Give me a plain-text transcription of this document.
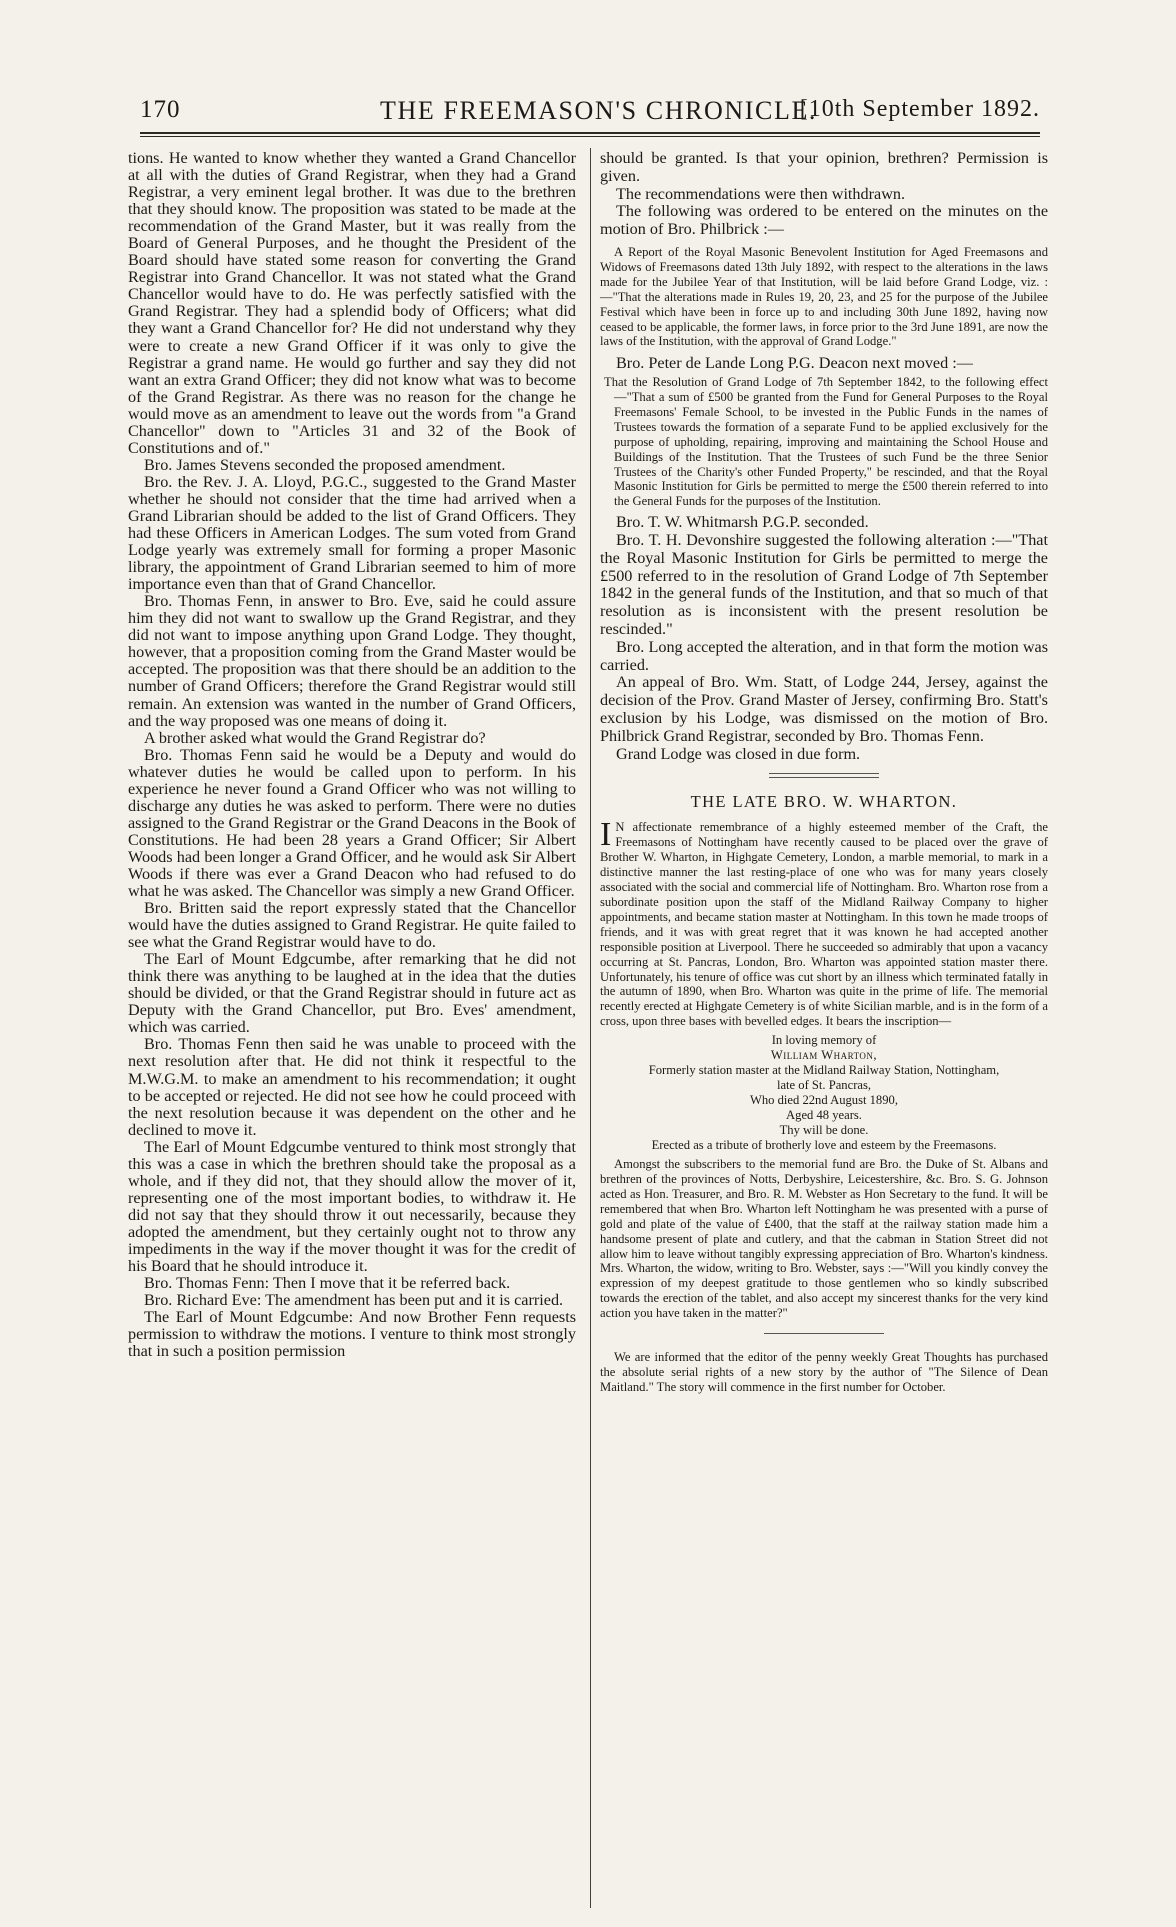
170	THE FREEMASON'S CHRONICLE.
[10th September 1892.

tions. He wanted to know whether they wanted a Grand Chancellor at all with the duties of Grand Registrar, when they had a Grand Registrar, a very eminent legal brother. It was due to the brethren that they should know. The proposition was stated to be made at the recommendation of the Grand Master, but it was really from the Board of General Purposes, and he thought the President of the Board should have stated some reason for converting the Grand Registrar into Grand Chancellor. It was not stated what the Grand Chancellor would have to do. He was perfectly satisfied with the Grand Registrar. They had a splendid body of Officers; what did they want a Grand Chancellor for? He did not understand why they were to create a new Grand Officer if it was only to give the Registrar a grand name. He would go further and say they did not want an extra Grand Officer; they did not know what was to become of the Grand Registrar. As there was no reason for the change he would move as an amendment to leave out the words from "a Grand Chancellor" down to "Articles 31 and 32 of the Book of Constitutions and of."

Bro. James Stevens seconded the proposed amendment.

Bro. the Rev. J. A. Lloyd, P.G.C., suggested to the Grand Master whether he should not consider that the time had arrived when a Grand Librarian should be added to the list of Grand Officers. They had these Officers in American Lodges. The sum voted from Grand Lodge yearly was extremely small for forming a proper Masonic library, the appointment of Grand Librarian seemed to him of more importance even than that of Grand Chancellor.

Bro. Thomas Fenn, in answer to Bro. Eve, said he could assure him they did not want to swallow up the Grand Registrar, and they did not want to impose anything upon Grand Lodge. They thought, however, that a proposition coming from the Grand Master would be accepted. The proposition was that there should be an addition to the number of Grand Officers; therefore the Grand Registrar would still remain. An extension was wanted in the number of Grand Officers, and the way proposed was one means of doing it.

A brother asked what would the Grand Registrar do?

Bro. Thomas Fenn said he would be a Deputy and would do whatever duties he would be called upon to perform. In his experience he never found a Grand Officer who was not willing to discharge any duties he was asked to perform. There were no duties assigned to the Grand Registrar or the Grand Deacons in the Book of Constitutions. He had been 28 years a Grand Officer; Sir Albert Woods had been longer a Grand Officer, and he would ask Sir Albert Woods if there was ever a Grand Deacon who had refused to do what he was asked. The Chancellor was simply a new Grand Officer.

Bro. Britten said the report expressly stated that the Chancellor would have the duties assigned to Grand Registrar. He quite failed to see what the Grand Registrar would have to do.

The Earl of Mount Edgcumbe, after remarking that he did not think there was anything to be laughed at in the idea that the duties should be divided, or that the Grand Registrar should in future act as Deputy with the Grand Chancellor, put Bro. Eves' amendment, which was carried.

Bro. Thomas Fenn then said he was unable to proceed with the next resolution after that. He did not think it respectful to the M.W.G.M. to make an amendment to his recommendation; it ought to be accepted or rejected. He did not see how he could proceed with the next resolution because it was dependent on the other and he declined to move it.

The Earl of Mount Edgcumbe ventured to think most strongly that this was a case in which the brethren should take the proposal as a whole, and if they did not, that they should allow the mover of it, representing one of the most important bodies, to withdraw it. He did not say that they should throw it out necessarily, because they adopted the amendment, but they certainly ought not to throw any impediments in the way if the mover thought it was for the credit of his Board that he should introduce it.

Bro. Thomas Fenn: Then I move that it be referred back.

Bro. Richard Eve: The amendment has been put and it is carried.

The Earl of Mount Edgcumbe: And now Brother Fenn requests permission to withdraw the motions. I venture to think most strongly that in such a position permission

should be granted. Is that your opinion, brethren? Permission is given.

The recommendations were then withdrawn.

The following was ordered to be entered on the minutes on the motion of Bro. Philbrick :—

A Report of the Royal Masonic Benevolent Institution for Aged Freemasons and Widows of Freemasons dated 13th July 1892, with respect to the alterations in the laws made for the Jubilee Year of that Institution, will be laid before Grand Lodge, viz. :—"That the alterations made in Rules 19, 20, 23, and 25 for the purpose of the Jubilee Festival which have been in force up to and including 30th June 1892, having now ceased to be applicable, the former laws, in force prior to the 3rd June 1891, are now the laws of the Institution, with the approval of Grand Lodge."

Bro. Peter de Lande Long P.G. Deacon next moved :—

That the Resolution of Grand Lodge of 7th September 1842, to the following effect—"That a sum of £500 be granted from the Fund for General Purposes to the Royal Freemasons' Female School, to be invested in the Public Funds in the names of Trustees towards the formation of a separate Fund to be applied exclusively for the purpose of upholding, repairing, improving and maintaining the School House and Buildings of the Institution. That the Trustees of such Fund be the three Senior Trustees of the Charity's other Funded Property," be rescinded, and that the Royal Masonic Institution for Girls be permitted to merge the £500 therein referred to into the General Funds for the purposes of the Institution.

Bro. T. W. Whitmarsh P.G.P. seconded.

Bro. T. H. Devonshire suggested the following alteration :—"That the Royal Masonic Institution for Girls be permitted to merge the £500 referred to in the resolution of Grand Lodge of 7th September 1842 in the general funds of the Institution, and that so much of that resolution as is inconsistent with the present resolution be rescinded."

Bro. Long accepted the alteration, and in that form the motion was carried.

An appeal of Bro. Wm. Statt, of Lodge 244, Jersey, against the decision of the Prov. Grand Master of Jersey, confirming Bro. Statt's exclusion by his Lodge, was dismissed on the motion of Bro. Philbrick Grand Registrar, seconded by Bro. Thomas Fenn.

Grand Lodge was closed in due form.

THE LATE BRO. W. WHARTON.

I N affectionate remembrance of a highly esteemed member of the Craft, the Freemasons of Nottingham have recently caused to be placed over the grave of Brother W. Wharton, in Highgate Cemetery, London, a marble memorial, to mark in a distinctive manner the last resting-place of one who was for many years closely associated with the social and commercial life of Nottingham. Bro. Wharton rose from a subordinate position upon the staff of the Midland Railway Company to higher appointments, and became station master at Nottingham. In this town he made troops of friends, and it was with great regret that it was known he had accepted another responsible position at Liverpool. There he succeeded so admirably that upon a vacancy occurring at St. Pancras, London, Bro. Wharton was appointed station master there. Unfortunately, his tenure of office was cut short by an illness which terminated fatally in the autumn of 1890, when Bro. Wharton was quite in the prime of life. The memorial recently erected at Highgate Cemetery is of white Sicilian marble, and is in the form of a cross, upon three bases with bevelled edges. It bears the inscription—

In loving memory of
William Wharton,
Formerly station master at the Midland Railway Station, Nottingham,
late of St. Pancras,
Who died 22nd August 1890,
Aged 48 years.
Thy will be done.
Erected as a tribute of brotherly love and esteem by the Freemasons.

Amongst the subscribers to the memorial fund are Bro. the Duke of St. Albans and brethren of the provinces of Notts, Derbyshire, Leicestershire, &c. Bro. S. G. Johnson acted as Hon. Treasurer, and Bro. R. M. Webster as Hon Secretary to the fund. It will be remembered that when Bro. Wharton left Nottingham he was presented with a purse of gold and plate of the value of £400, that the staff at the railway station made him a handsome present of plate and cutlery, and that the cabman in Station Street did not allow him to leave without tangibly expressing appreciation of Bro. Wharton's kindness. Mrs. Wharton, the widow, writing to Bro. Webster, says :—"Will you kindly convey the expression of my deepest gratitude to those gentlemen who so kindly subscribed towards the erection of the tablet, and also accept my sincerest thanks for the very kind action you have taken in the matter?"

We are informed that the editor of the penny weekly Great Thoughts has purchased the absolute serial rights of a new story by the author of "The Silence of Dean Maitland." The story will commence in the first number for October.
